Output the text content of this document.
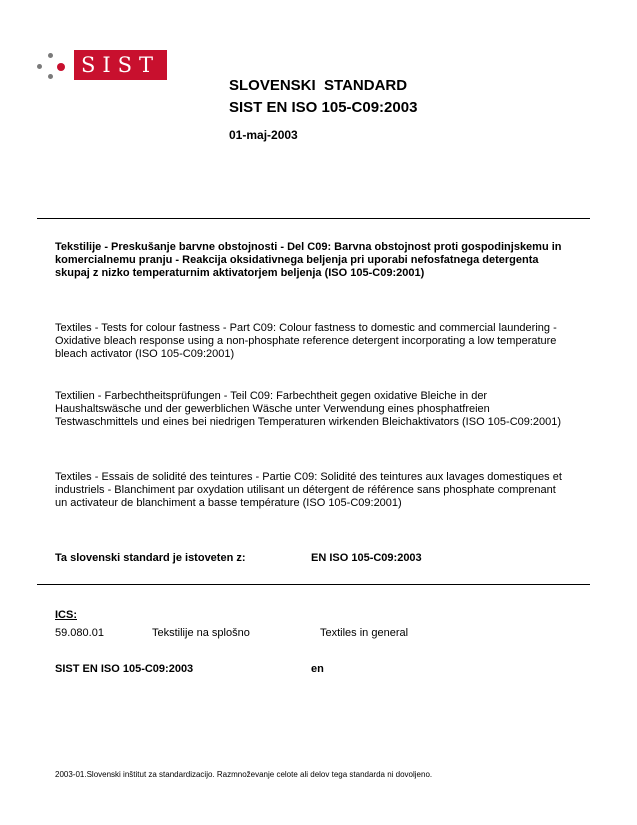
SIST
SLOVENSKI  STANDARD
SIST EN ISO 105-C09:2003
01-maj-2003
Tekstilije - Preskušanje barvne obstojnosti - Del C09: Barvna obstojnost proti gospodinjskemu in komercialnemu pranju - Reakcija oksidativnega beljenja pri uporabi nefosfatnega detergenta skupaj z nizko temperaturnim aktivatorjem beljenja (ISO 105-C09:2001)
Textiles - Tests for colour fastness - Part C09: Colour fastness to domestic and commercial laundering - Oxidative bleach response using a non-phosphate reference detergent incorporating a low temperature bleach activator (ISO 105-C09:2001)
Textilien - Farbechtheitsprüfungen - Teil C09: Farbechtheit gegen oxidative Bleiche in der Haushaltswäsche und der gewerblichen Wäsche unter Verwendung eines phosphatfreien Testwaschmittels und eines bei niedrigen Temperaturen wirkenden Bleichaktivators (ISO 105-C09:2001)
Textiles - Essais de solidité des teintures - Partie C09: Solidité des teintures aux lavages domestiques et industriels - Blanchiment par oxydation utilisant un détergent de référence sans phosphate comprenant un activateur de blanchiment a basse température (ISO 105-C09:2001)
Ta slovenski standard je istoveten z:	EN ISO 105-C09:2003
ICS:
59.080.01	Tekstilije na splošno	Textiles in general
SIST EN ISO 105-C09:2003	en
2003-01.Slovenski inštitut za standardizacijo. Razmnoževanje celote ali delov tega standarda ni dovoljeno.
